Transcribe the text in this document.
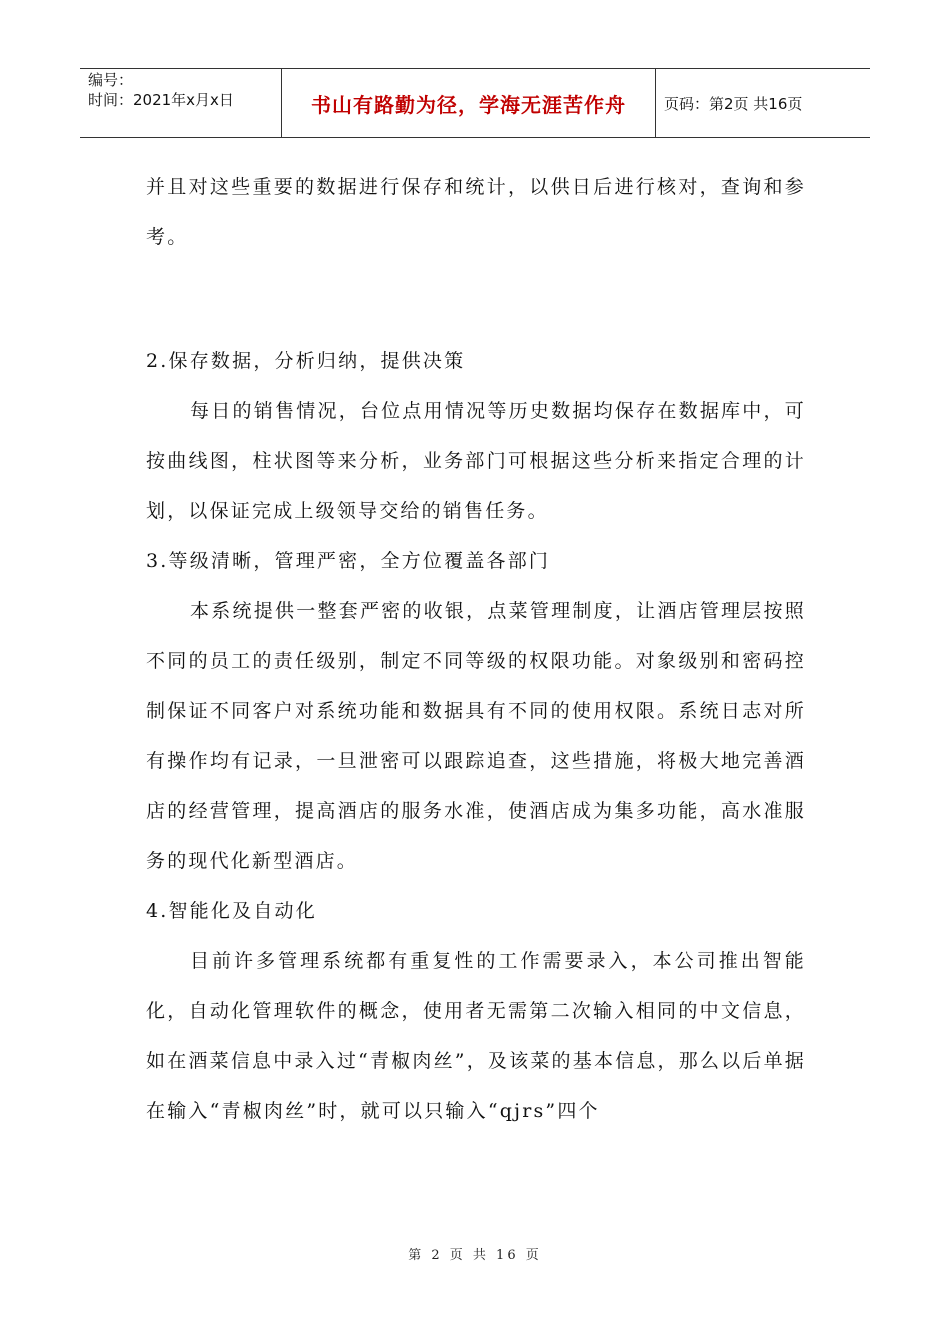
编号：
时间：2021年x月x日	书山有路勤为径，学海无涯苦作舟	页码：第2页 共16页

并且对这些重要的数据进行保存和统计，以供日后进行核对，查询和参考。

2.保存数据，分析归纳，提供决策

每日的销售情况，台位点用情况等历史数据均保存在数据库中，可按曲线图，柱状图等来分析，业务部门可根据这些分析来指定合理的计划，以保证完成上级领导交给的销售任务。

3.等级清晰，管理严密，全方位覆盖各部门

本系统提供一整套严密的收银，点菜管理制度，让酒店管理层按照不同的员工的责任级别，制定不同等级的权限功能。对象级别和密码控制保证不同客户对系统功能和数据具有不同的使用权限。系统日志对所有操作均有记录，一旦泄密可以跟踪追查，这些措施，将极大地完善酒店的经营管理，提高酒店的服务水准，使酒店成为集多功能，高水准服务的现代化新型酒店。

4.智能化及自动化

目前许多管理系统都有重复性的工作需要录入，本公司推出智能化，自动化管理软件的概念，使用者无需第二次输入相同的中文信息，如在酒菜信息中录入过“青椒肉丝”，及该菜的基本信息，那么以后单据在输入“青椒肉丝”时，就可以只输入“qjrs”四个

第 2 页 共 16 页
